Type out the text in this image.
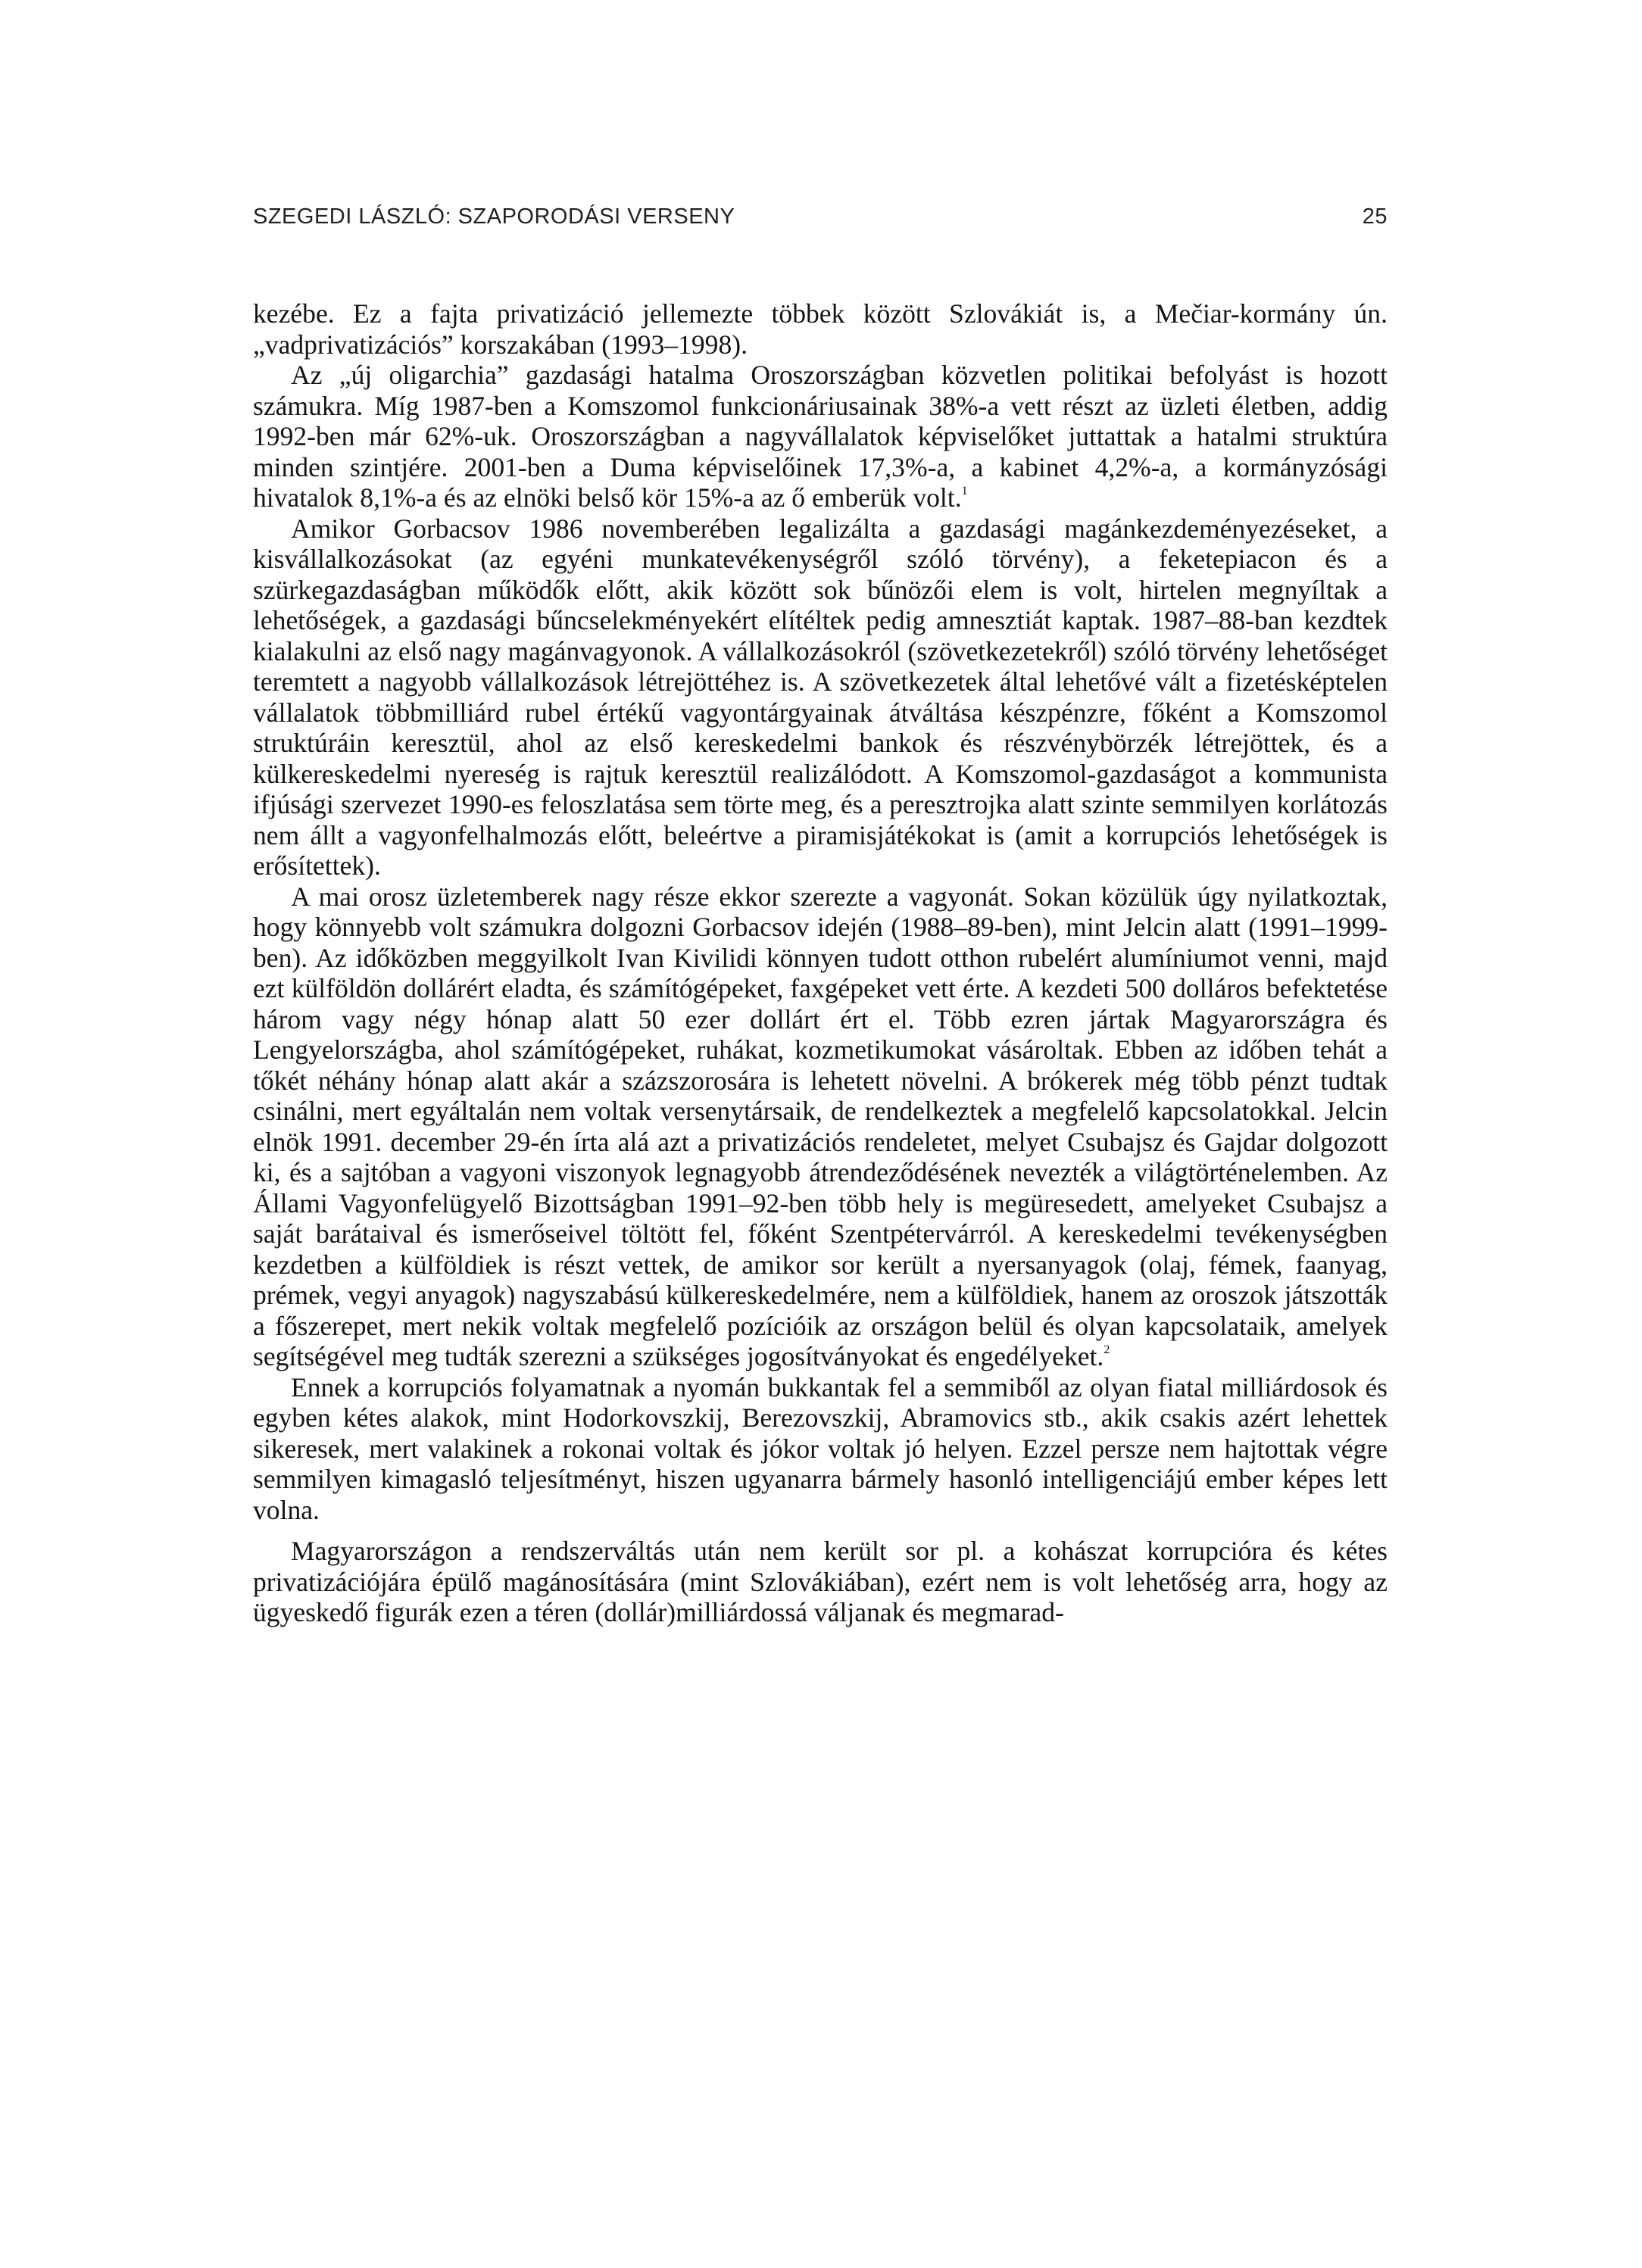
SZEGEDI LÁSZLÓ: SZAPORODÁSI VERSENY	25

kezébe. Ez a fajta privatizáció jellemezte többek között Szlovákiát is, a Mečiar-kormány ún. „vadprivatizációs” korszakában (1993–1998).

Az „új oligarchia” gazdasági hatalma Oroszországban közvetlen politikai befolyást is hozott számukra. Míg 1987-ben a Komszomol funkcionáriusainak 38%-a vett részt az üzleti életben, addig 1992-ben már 62%-uk. Oroszországban a nagyvállalatok képviselőket juttattak a hatalmi struktúra minden szintjére. 2001-ben a Duma képviselőinek 17,3%-a, a kabinet 4,2%-a, a kormányzósági hivatalok 8,1%-a és az elnöki belső kör 15%-a az ő emberük volt.$^1$

Amikor Gorbacsov 1986 novemberében legalizálta a gazdasági magánkezdeményezéseket, a kisvállalkozásokat (az egyéni munkatevékenységről szóló törvény), a feketepiacon és a szürkegazdaságban működők előtt, akik között sok bűnözői elem is volt, hirtelen megnyíltak a lehetőségek, a gazdasági bűncselekményekért elítéltek pedig amnesztiát kaptak. 1987–88-ban kezdtek kialakulni az első nagy magánvagyonok. A vállalkozásokról (szövetkezetekről) szóló törvény lehetőséget teremtett a nagyobb vállalkozások létrejöttéhez is. A szövetkezetek által lehetővé vált a fizetésképtelen vállalatok többmilliárd rubel értékű vagyontárgyainak átváltása készpénzre, főként a Komszomol struktúráin keresztül, ahol az első kereskedelmi bankok és részvénybörzék létrejöttek, és a külkereskedelmi nyereség is rajtuk keresztül realizálódott. A Komszomol-gazdaságot a kommunista ifjúsági szervezet 1990-es feloszlatása sem törte meg, és a peresztrojka alatt szinte semmilyen korlátozás nem állt a vagyonfelhalmozás előtt, beleértve a piramisjátékokat is (amit a korrupciós lehetőségek is erősítettek).

A mai orosz üzletemberek nagy része ekkor szerezte a vagyonát. Sokan közülük úgy nyilatkoztak, hogy könnyebb volt számukra dolgozni Gorbacsov idején (1988–89-ben), mint Jelcin alatt (1991–1999-ben). Az időközben meggyilkolt Ivan Kivilidi könnyen tudott otthon rubelért alumíniumot venni, majd ezt külföldön dollárért eladta, és számítógépeket, faxgépeket vett érte. A kezdeti 500 dolláros befektetése három vagy négy hónap alatt 50 ezer dollárt ért el. Több ezren jártak Magyarországra és Lengyelországba, ahol számítógépeket, ruhákat, kozmetikumokat vásároltak. Ebben az időben tehát a tőkét néhány hónap alatt akár a százszorosára is lehetett növelni. A brókerek még több pénzt tudtak csinálni, mert egyáltalán nem voltak versenytársaik, de rendelkeztek a megfelelő kapcsolatokkal. Jelcin elnök 1991. december 29-én írta alá azt a privatizációs rendeletet, melyet Csubajsz és Gajdar dolgozott ki, és a sajtóban a vagyoni viszonyok legnagyobb átrendeződésének nevezték a világtörténelemben. Az Állami Vagyonfelügyelő Bizottságban 1991–92-ben több hely is megüresedett, amelyeket Csubajsz a saját barátaival és ismerőseivel töltött fel, főként Szentpétervárról. A kereskedelmi tevékenységben kezdetben a külföldiek is részt vettek, de amikor sor került a nyersanyagok (olaj, fémek, faanyag, prémek, vegyi anyagok) nagyszabású külkereskedelmére, nem a külföldiek, hanem az oroszok játszották a főszerepet, mert nekik voltak megfelelő pozícióik az országon belül és olyan kapcsolataik, amelyek segítségével meg tudták szerezni a szükséges jogosítványokat és engedélyeket.$^2$

Ennek a korrupciós folyamatnak a nyomán bukkantak fel a semmiből az olyan fiatal milliárdosok és egyben kétes alakok, mint Hodorkovszkij, Berezovszkij, Abramovics stb., akik csakis azért lehettek sikeresek, mert valakinek a rokonai voltak és jókor voltak jó helyen. Ezzel persze nem hajtottak végre semmilyen kimagasló teljesítményt, hiszen ugyanarra bármely hasonló intelligenciájú ember képes lett volna.

Magyarországon a rendszerváltás után nem került sor pl. a kohászat korrupcióra és kétes privatizációjára épülő magánosítására (mint Szlovákiában), ezért nem is volt lehetőség arra, hogy az ügyeskedő figurák ezen a téren (dollár)milliárdossá váljanak és megmarad-
